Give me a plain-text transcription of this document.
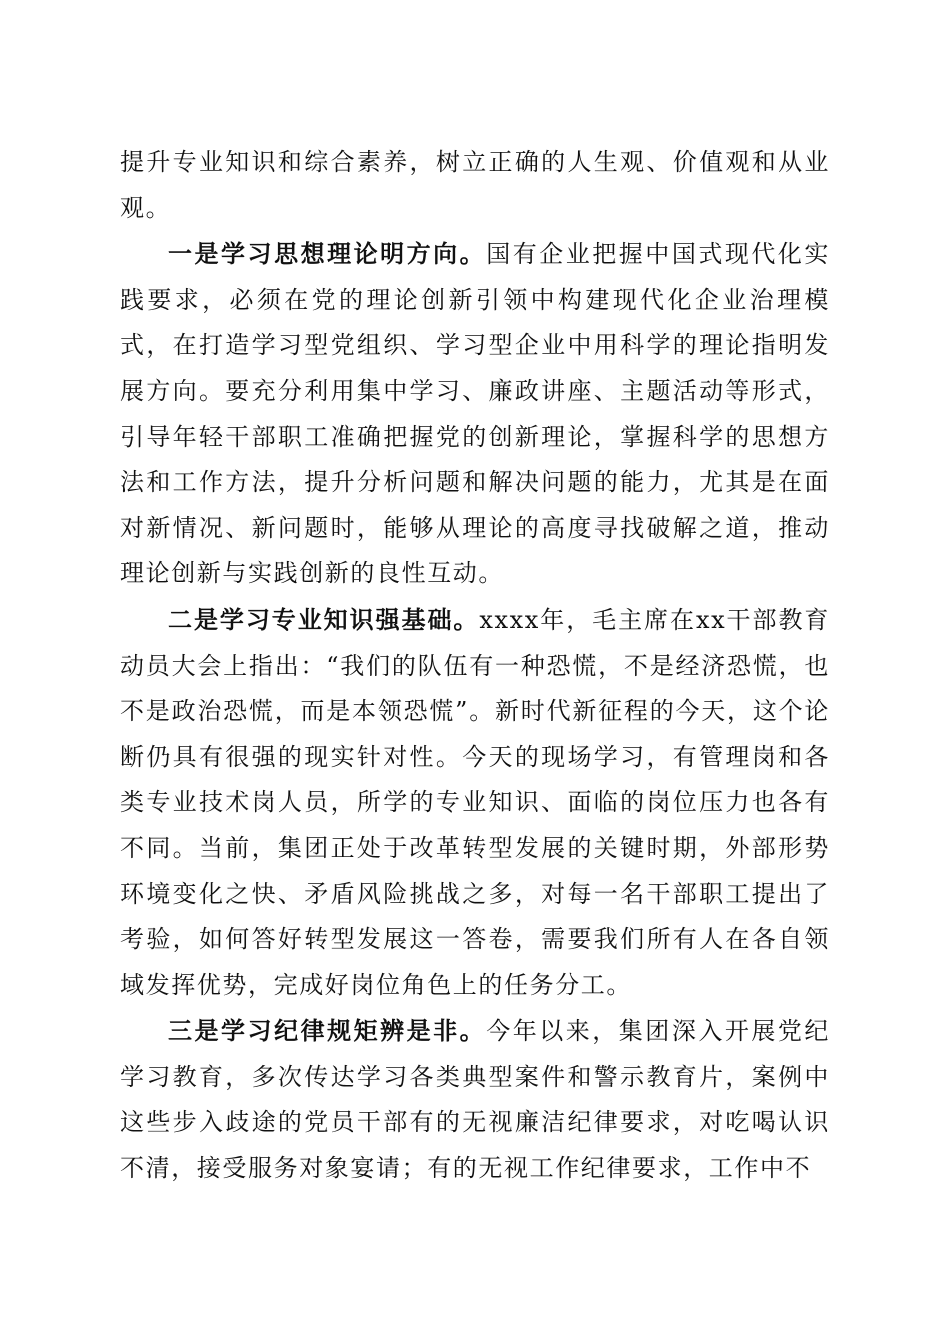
提升专业知识和综合素养，树立正确的人生观、价值观和从业观。

一是学习思想理论明方向。国有企业把握中国式现代化实践要求，必须在党的理论创新引领中构建现代化企业治理模式，在打造学习型党组织、学习型企业中用科学的理论指明发展方向。要充分利用集中学习、廉政讲座、主题活动等形式，引导年轻干部职工准确把握党的创新理论，掌握科学的思想方法和工作方法，提升分析问题和解决问题的能力，尤其是在面对新情况、新问题时，能够从理论的高度寻找破解之道，推动理论创新与实践创新的良性互动。

二是学习专业知识强基础。xxxx年，毛主席在xx干部教育动员大会上指出：“我们的队伍有一种恐慌，不是经济恐慌，也不是政治恐慌，而是本领恐慌”。新时代新征程的今天，这个论断仍具有很强的现实针对性。今天的现场学习，有管理岗和各类专业技术岗人员，所学的专业知识、面临的岗位压力也各有不同。当前，集团正处于改革转型发展的关键时期，外部形势环境变化之快、矛盾风险挑战之多，对每一名干部职工提出了考验，如何答好转型发展这一答卷，需要我们所有人在各自领域发挥优势，完成好岗位角色上的任务分工。

三是学习纪律规矩辨是非。今年以来，集团深入开展党纪学习教育，多次传达学习各类典型案件和警示教育片，案例中这些步入歧途的党员干部有的无视廉洁纪律要求，对吃喝认识不清，接受服务对象宴请；有的无视工作纪律要求，工作中不
